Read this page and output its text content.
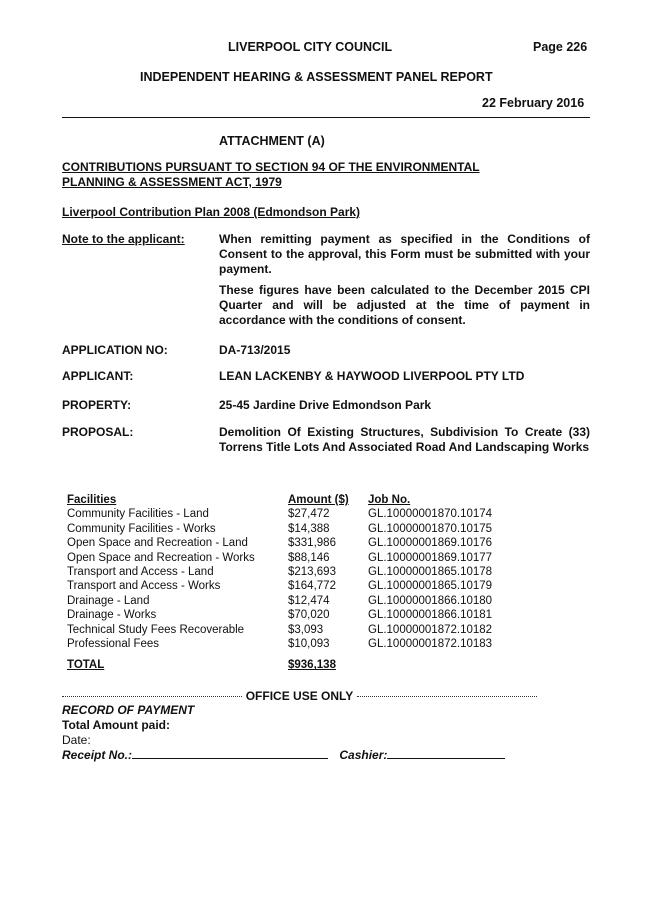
LIVERPOOL CITY COUNCIL	Page 226
INDEPENDENT HEARING & ASSESSMENT PANEL REPORT
22 February 2016
ATTACHMENT (A)
CONTRIBUTIONS PURSUANT TO SECTION 94 OF THE ENVIRONMENTAL
PLANNING & ASSESSMENT ACT, 1979
Liverpool Contribution Plan 2008 (Edmondson Park)
Note to the applicant:	When remitting payment as specified in the Conditions of Consent to the approval, this Form must be submitted with your payment.
These figures have been calculated to the December 2015 CPI Quarter and will be adjusted at the time of payment in accordance with the conditions of consent.
APPLICATION NO:	DA-713/2015
APPLICANT:	LEAN LACKENBY & HAYWOOD LIVERPOOL PTY LTD
PROPERTY:	25-45 Jardine Drive Edmondson Park
PROPOSAL:	Demolition Of Existing Structures, Subdivision To Create (33) Torrens Title Lots And Associated Road And Landscaping Works
Facilities	Amount ($)	Job No.
Community Facilities - Land	$27,472	GL.10000001870.10174
Community Facilities - Works	$14,388	GL.10000001870.10175
Open Space and Recreation - Land	$331,986	GL.10000001869.10176
Open Space and Recreation - Works	$88,146	GL.10000001869.10177
Transport and Access - Land	$213,693	GL.10000001865.10178
Transport and Access - Works	$164,772	GL.10000001865.10179
Drainage - Land	$12,474	GL.10000001866.10180
Drainage - Works	$70,020	GL.10000001866.10181
Technical Study Fees Recoverable	$3,093	GL.10000001872.10182
Professional Fees	$10,093	GL.10000001872.10183
TOTAL	$936,138	
OFFICE USE ONLY
RECORD OF PAYMENT
Total Amount paid:
Date:
Receipt No.:	Cashier:
